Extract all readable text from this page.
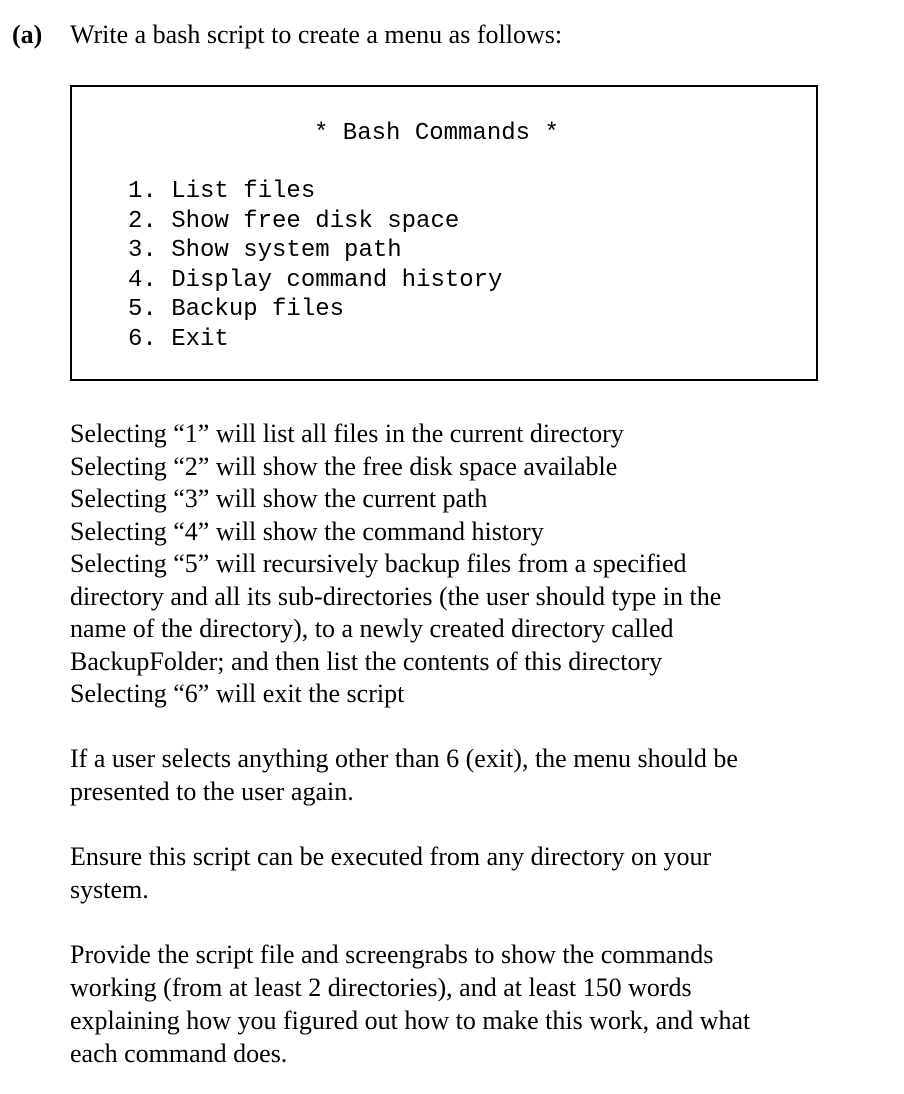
(a) Write a bash script to create a menu as follows:
* Bash Commands *
1. List files
2. Show free disk space
3. Show system path
4. Display command history
5. Backup files
6. Exit
Selecting “1” will list all files in the current directory
Selecting “2” will show the free disk space available
Selecting “3” will show the current path
Selecting “4” will show the command history
Selecting “5” will recursively backup files from a specified
directory and all its sub-directories (the user should type in the
name of the directory), to a newly created directory called
BackupFolder; and then list the contents of this directory
Selecting “6” will exit the script

If a user selects anything other than 6 (exit), the menu should be
presented to the user again.

Ensure this script can be executed from any directory on your
system.

Provide the script file and screengrabs to show the commands
working (from at least 2 directories), and at least 150 words
explaining how you figured out how to make this work, and what
each command does.
